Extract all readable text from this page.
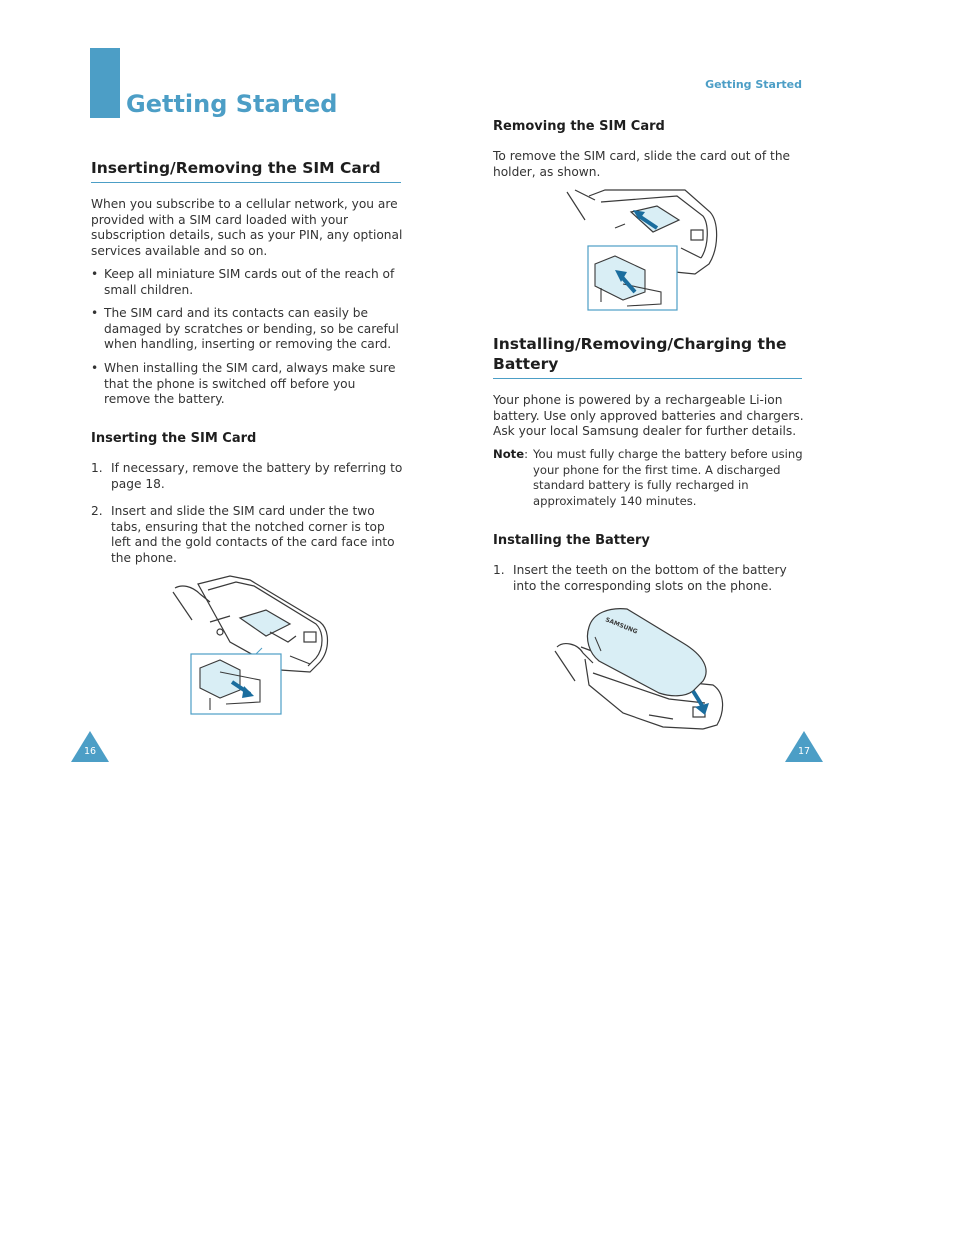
Getting Started
Inserting/Removing the SIM Card
When you subscribe to a cellular network, you are provided with a SIM card loaded with your subscription details, such as your PIN, any optional services available and so on.
• Keep all miniature SIM cards out of the reach of small children.
• The SIM card and its contacts can easily be damaged by scratches or bending, so be careful when handling, inserting or removing the card.
• When installing the SIM card, always make sure that the phone is switched off before you remove the battery.
Inserting the SIM Card
1. If necessary, remove the battery by referring to page 18.
2. Insert and slide the SIM card under the two tabs, ensuring that the notched corner is top left and the gold contacts of the card face into the phone.
16
Getting Started
Removing the SIM Card
To remove the SIM card, slide the card out of the holder, as shown.
Installing/Removing/Charging the Battery
Your phone is powered by a rechargeable Li-ion battery. Use only approved batteries and chargers. Ask your local Samsung dealer for further details.
Note: You must fully charge the battery before using your phone for the first time. A discharged standard battery is fully recharged in approximately 140 minutes.
Installing the Battery
1. Insert the teeth on the bottom of the battery into the corresponding slots on the phone.
SAMSUNG
17
